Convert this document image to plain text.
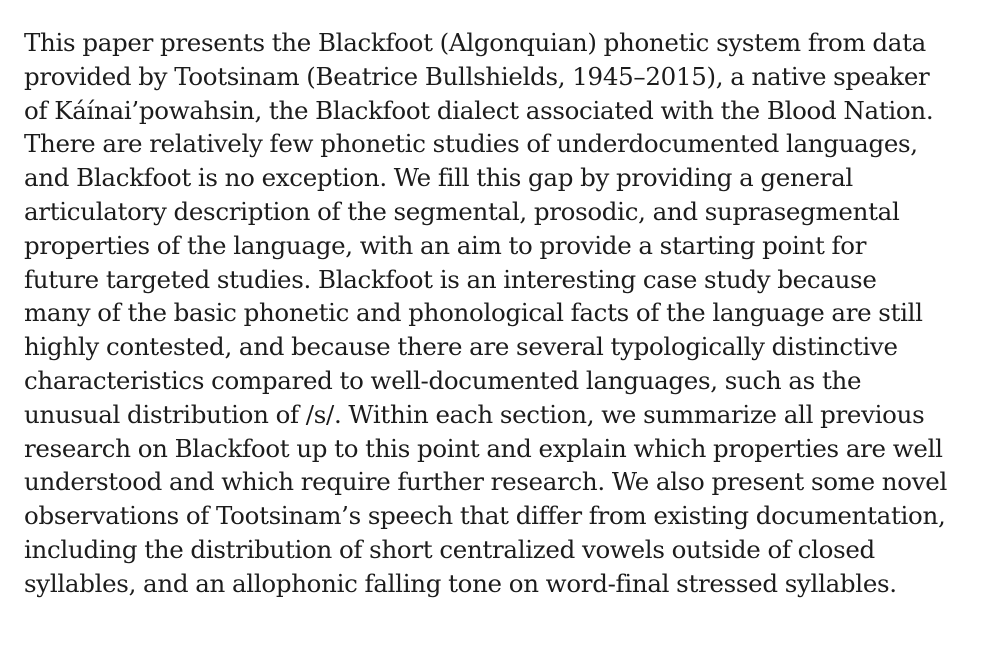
This paper presents the Blackfoot (Algonquian) phonetic system from data
provided by Tootsinam (Beatrice Bullshields, 1945–2015), a native speaker
of Káínai’powahsin, the Blackfoot dialect associated with the Blood Nation.
There are relatively few phonetic studies of underdocumented languages,
and Blackfoot is no exception. We fill this gap by providing a general
articulatory description of the segmental, prosodic, and suprasegmental
properties of the language, with an aim to provide a starting point for
future targeted studies. Blackfoot is an interesting case study because
many of the basic phonetic and phonological facts of the language are still
highly contested, and because there are several typologically distinctive
characteristics compared to well-documented languages, such as the
unusual distribution of /s/. Within each section, we summarize all previous
research on Blackfoot up to this point and explain which properties are well
understood and which require further research. We also present some novel
observations of Tootsinam’s speech that differ from existing documentation,
including the distribution of short centralized vowels outside of closed
syllables, and an allophonic falling tone on word-final stressed syllables.
